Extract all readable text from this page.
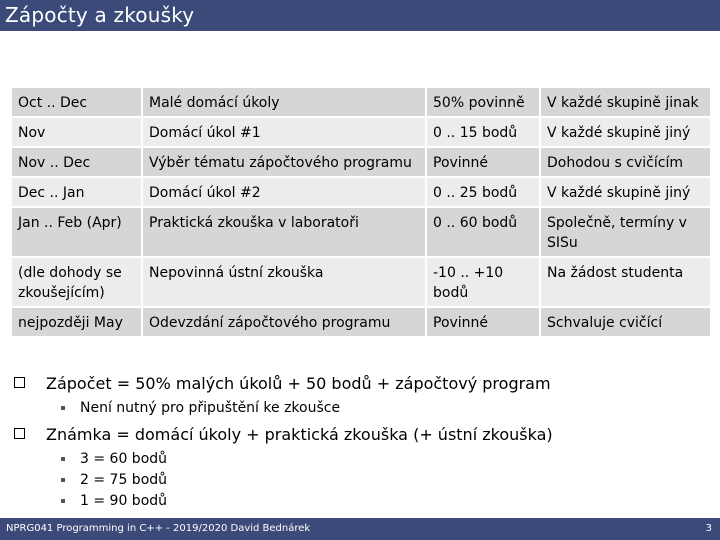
Zápočty a zkoušky
Oct .. Dec	Malé domácí úkoly	50% povinně	V každé skupině jinak
Nov	Domácí úkol #1	0 .. 15 bodů	V každé skupině jiný
Nov .. Dec	Výběr tématu zápočtového programu	Povinné	Dohodou s cvičícím
Dec .. Jan	Domácí úkol #2	0 .. 25 bodů	V každé skupině jiný
Jan .. Feb (Apr)	Praktická zkouška v laboratoři	0 .. 60 bodů	Společně, termíny v SISu
(dle dohody se zkoušejícím)	Nepovinná ústní zkouška	-10 .. +10 bodů	Na žádost studenta
nejpozději May	Odevzdání zápočtového programu	Povinné	Schvaluje cvičící
Zápočet = 50% malých úkolů + 50 bodů + zápočtový program
Není nutný pro připuštění ke zkoušce
Známka = domácí úkoly + praktická zkouška (+ ústní zkouška)
3 = 60 bodů
2 = 75 bodů
1 = 90 bodů
NPRG041 Programming in C++ - 2019/2020 David Bednárek	3
